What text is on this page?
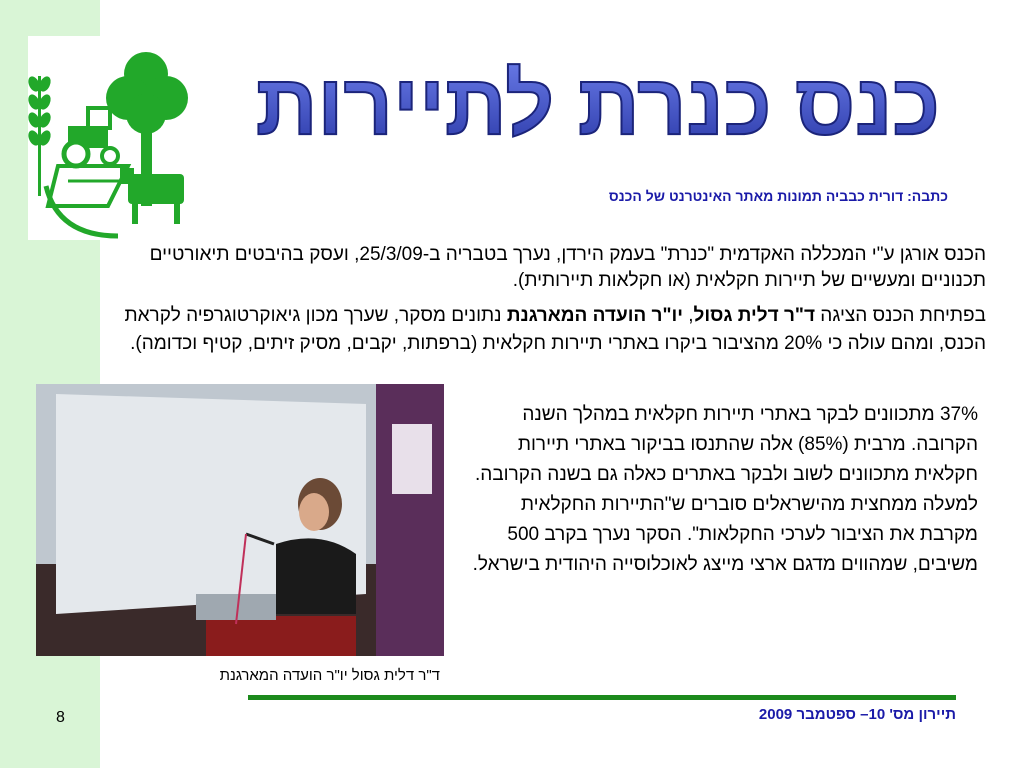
כנס כנרת לתיירות
כתבה: דורית כבביה תמונות מאתר האינטרנט של הכנס
הכנס אורגן ע"י המכללה האקדמית "כנרת" בעמק הירדן, נערך בטבריה ב-25/3/09, ועסק בהיבטים תיאורטיים תכנוניים ומעשיים של תיירות חקלאית (או חקלאות תיירותית).
בפתיחת הכנס הציגה ד"ר דלית גסול, יו"ר הועדה המארגנת נתונים מסקר, שערך מכון גיאוקרטוגרפיה לקראת הכנס, ומהם עולה כי 20% מהציבור ביקרו באתרי תיירות חקלאית (ברפתות, יקבים, מסיק זיתים, קטיף וכדומה).
37% מתכוונים לבקר באתרי תיירות חקלאית במהלך השנה הקרובה. מרבית (85%) אלה שהתנסו בביקור באתרי תיירות חקלאית מתכוונים לשוב ולבקר באתרים כאלה גם בשנה הקרובה. למעלה ממחצית מהישראלים סוברים ש"התיירות החקלאית מקרבת את הציבור לערכי החקלאות". הסקר נערך בקרב 500 משיבים, שמהווים מדגם ארצי מייצג לאוכלוסייה היהודית בישראל.
ד"ר דלית גסול יו"ר הועדה המארגנת
תיירון מס' 10– ספטמבר 2009
8
